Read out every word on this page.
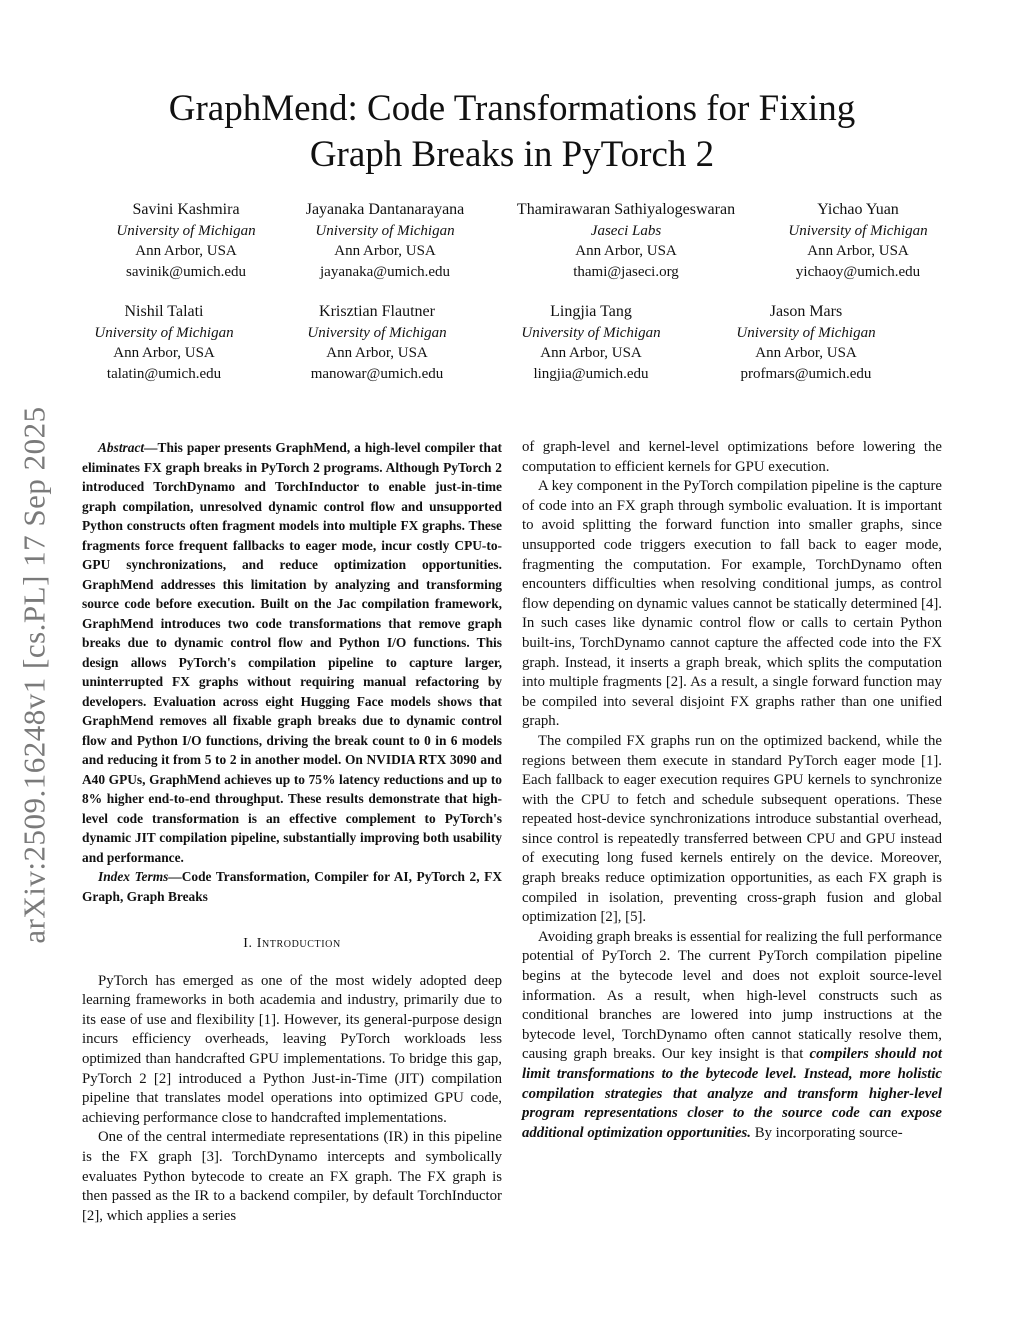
arXiv:2509.16248v1 [cs.PL] 17 Sep 2025
GraphMend: Code Transformations for Fixing
Graph Breaks in PyTorch 2
Savini Kashmira
University of Michigan
Ann Arbor, USA
savinik@umich.edu
Jayanaka Dantanarayana
University of Michigan
Ann Arbor, USA
jayanaka@umich.edu
Thamirawaran Sathiyalogeswaran
Jaseci Labs
Ann Arbor, USA
thami@jaseci.org
Yichao Yuan
University of Michigan
Ann Arbor, USA
yichaoy@umich.edu
Nishil Talati
University of Michigan
Ann Arbor, USA
talatin@umich.edu
Krisztian Flautner
University of Michigan
Ann Arbor, USA
manowar@umich.edu
Lingjia Tang
University of Michigan
Ann Arbor, USA
lingjia@umich.edu
Jason Mars
University of Michigan
Ann Arbor, USA
profmars@umich.edu

Abstract—This paper presents GraphMend, a high-level compiler that eliminates FX graph breaks in PyTorch 2 programs. Although PyTorch 2 introduced TorchDynamo and TorchInductor to enable just-in-time graph compilation, unresolved dynamic control flow and unsupported Python constructs often fragment models into multiple FX graphs. These fragments force frequent fallbacks to eager mode, incur costly CPU-to-GPU synchronizations, and reduce optimization opportunities. GraphMend addresses this limitation by analyzing and transforming source code before execution. Built on the Jac compilation framework, GraphMend introduces two code transformations that remove graph breaks due to dynamic control flow and Python I/O functions. This design allows PyTorch's compilation pipeline to capture larger, uninterrupted FX graphs without requiring manual refactoring by developers. Evaluation across eight Hugging Face models shows that GraphMend removes all fixable graph breaks due to dynamic control flow and Python I/O functions, driving the break count to 0 in 6 models and reducing it from 5 to 2 in another model. On NVIDIA RTX 3090 and A40 GPUs, GraphMend achieves up to 75% latency reductions and up to 8% higher end-to-end throughput. These results demonstrate that high-level code transformation is an effective complement to PyTorch's dynamic JIT compilation pipeline, substantially improving both usability and performance.

Index Terms—Code Transformation, Compiler for AI, PyTorch 2, FX Graph, Graph Breaks

I. Introduction

PyTorch has emerged as one of the most widely adopted deep learning frameworks in both academia and industry, primarily due to its ease of use and flexibility [1]. However, its general-purpose design incurs efficiency overheads, leaving PyTorch workloads less optimized than handcrafted GPU implementations. To bridge this gap, PyTorch 2 [2] introduced a Python Just-in-Time (JIT) compilation pipeline that translates model operations into optimized GPU code, achieving performance close to handcrafted implementations.

One of the central intermediate representations (IR) in this pipeline is the FX graph [3]. TorchDynamo intercepts and symbolically evaluates Python bytecode to create an FX graph. The FX graph is then passed as the IR to a backend compiler, by default TorchInductor [2], which applies a series

of graph-level and kernel-level optimizations before lowering the computation to efficient kernels for GPU execution.

A key component in the PyTorch compilation pipeline is the capture of code into an FX graph through symbolic evaluation. It is important to avoid splitting the forward function into smaller graphs, since unsupported code triggers execution to fall back to eager mode, fragmenting the computation. For example, TorchDynamo often encounters difficulties when resolving conditional jumps, as control flow depending on dynamic values cannot be statically determined [4]. In such cases like dynamic control flow or calls to certain Python built-ins, TorchDynamo cannot capture the affected code into the FX graph. Instead, it inserts a graph break, which splits the computation into multiple fragments [2]. As a result, a single forward function may be compiled into several disjoint FX graphs rather than one unified graph.

The compiled FX graphs run on the optimized backend, while the regions between them execute in standard PyTorch eager mode [1]. Each fallback to eager execution requires GPU kernels to synchronize with the CPU to fetch and schedule subsequent operations. These repeated host-device synchronizations introduce substantial overhead, since control is repeatedly transferred between CPU and GPU instead of executing long fused kernels entirely on the device. Moreover, graph breaks reduce optimization opportunities, as each FX graph is compiled in isolation, preventing cross-graph fusion and global optimization [2], [5].

Avoiding graph breaks is essential for realizing the full performance potential of PyTorch 2. The current PyTorch compilation pipeline begins at the bytecode level and does not exploit source-level information. As a result, when high-level constructs such as conditional branches are lowered into jump instructions at the bytecode level, TorchDynamo often cannot statically resolve them, causing graph breaks. Our key insight is that compilers should not limit transformations to the bytecode level. Instead, more holistic compilation strategies that analyze and transform higher-level program representations closer to the source code can expose additional optimization opportunities. By incorporating source-
